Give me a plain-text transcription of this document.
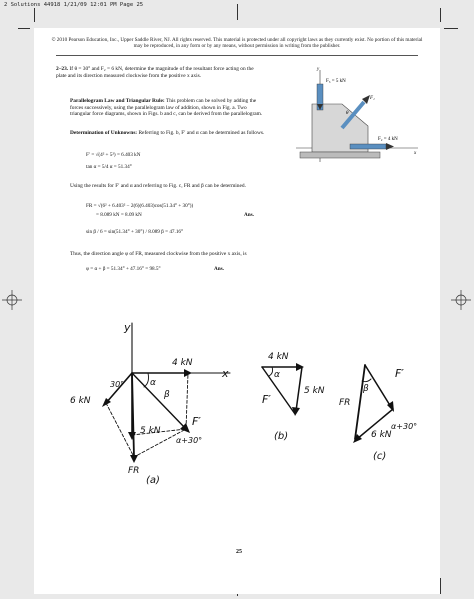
2 Solutions 44918 1/21/09 12:01 PM Page 25
© 2010 Pearson Education, Inc., Upper Saddle River, NJ. All rights reserved. This material is protected under all copyright laws as they currently exist. No portion of this material may be reproduced, in any form or by any means, without permission in writing from the publisher.
2–23. If θ = 30° and F₂ = 6 kN, determine the magnitude of the resultant force acting on the plate and its direction measured clockwise from the positive x axis.
Parallelogram Law and Triangular Rule: This problem can be solved by adding the forces successively, using the parallelogram law of addition, shown in Fig. a. Two triangular force diagrams, shown in Figs. b and c, can be derived from the parallelogram.
Determination of Unknowns: Referring to Fig. b, F′ and α can be determined as follows.
F′ = √(4² + 5²) = 6.403 kN
tan α = 5/4 α = 51.34°
Using the results for F′ and α and referring to Fig. c, FR and β can be determined.
FR = √(6² + 6.403² − 2(6)(6.403)cos(51.34° + 30°))
= 8.089 kN = 8.09 kN	Ans.
sin β / 6 = sin(51.34° + 30°) / 8.089 β = 47.16°
Thus, the direction angle φ of FR, measured clockwise from the positive x axis, is
φ = α + β = 51.34° + 47.16° = 98.5°	Ans.
y
x
F₃ = 5 kN
F₁
θ
F₂ = 4 kN
y
x
4 kN
6 kN
30°
5 kN
F′
FR
α
β
α+30°
(a)
4 kN
5 kN
F′
α
(b)
F′
6 kN
FR
β
α+30°
(c)
25
